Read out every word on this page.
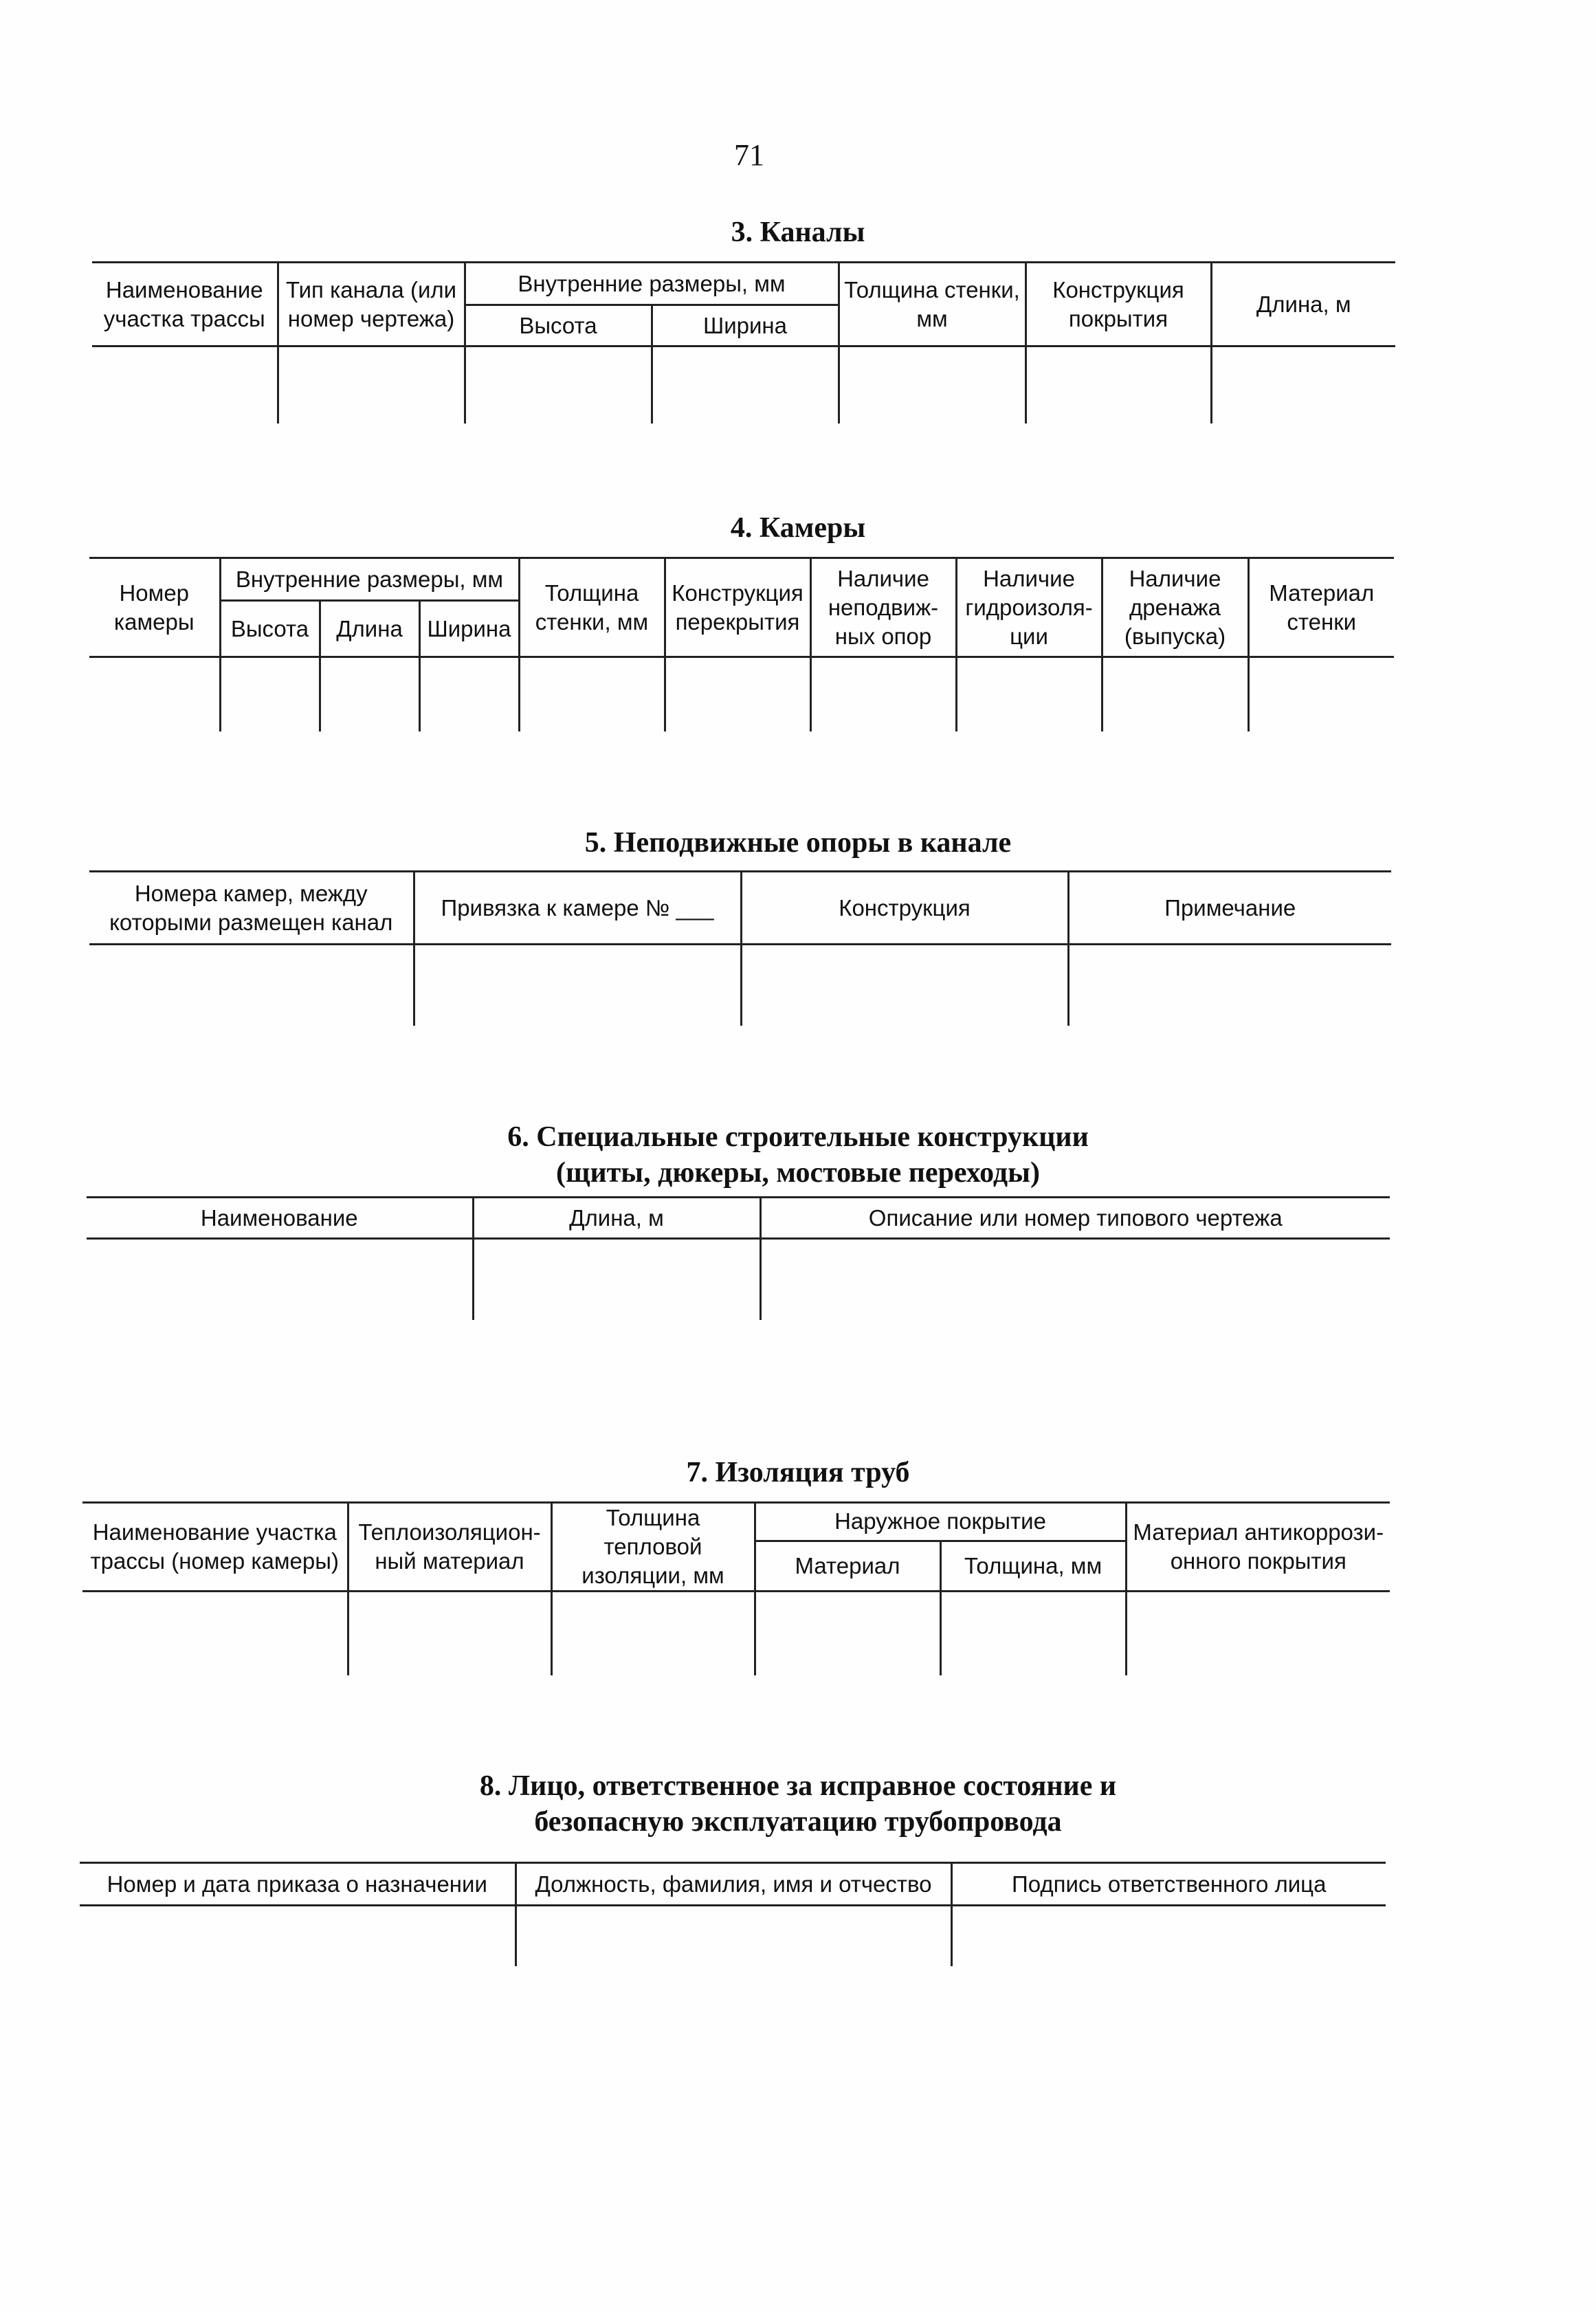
71
3. Каналы
Наименование участка трассы	Тип канала (или номер чертежа)	Внутренние размеры, мм		Толщина стенки, мм	Конструкция покрытия	Длина, м
		Высота	Ширина			

4. Камеры
Номер камеры	Внутренние размеры, мм			Толщина стенки, мм	Конструкция перекрытия	Наличие неподвиж-ных опор	Наличие гидроизоля-ции	Наличие дренажа (выпуска)	Материал стенки
	Высота	Длина	Ширина						

5. Неподвижные опоры в канале
Номера камер, между которыми размещен канал	Привязка к камере № ___	Конструкция	Примечание

6. Специальные строительные конструкции
(щиты, дюкеры, мостовые переходы)
Наименование	Длина, м	Описание или номер типового чертежа

7. Изоляция труб
Наименование участка трассы (номер камеры)	Теплоизоляцион-ный материал	Толщина тепловой изоляции, мм	Наружное покрытие		Материал антикоррози-онного покрытия
			Материал	Толщина, мм	

8. Лицо, ответственное за исправное состояние и
безопасную эксплуатацию трубопровода
Номер и дата приказа о назначении	Должность, фамилия, имя и отчество	Подпись ответственного лица
